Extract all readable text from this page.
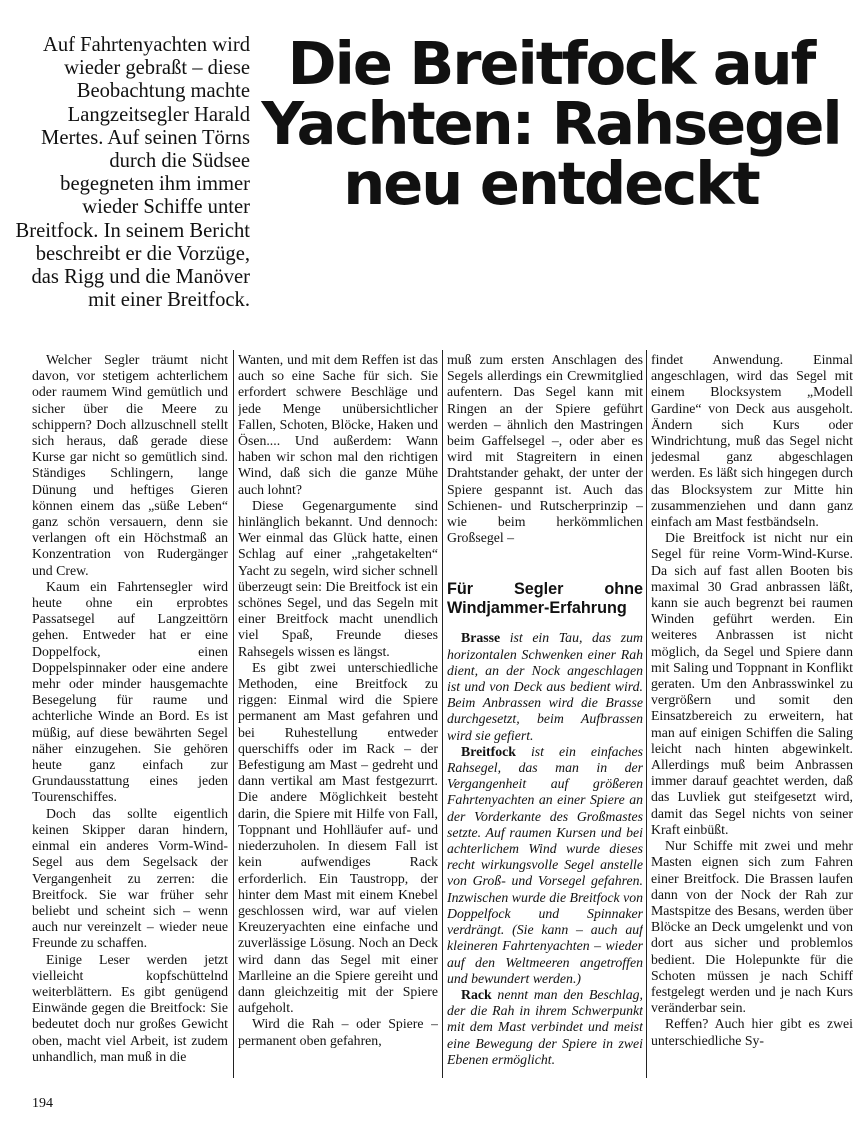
Auf Fahrtenyachten wird wieder gebraßt – diese Beobachtung machte Langzeitsegler Harald Mertes. Auf seinen Törns durch die Südsee begegneten ihm immer wieder Schiffe unter Breitfock. In seinem Bericht beschreibt er die Vorzüge, das Rigg und die Manöver mit einer Breitfock.
Die Breitfock auf Yachten: Rahsegel neu entdeckt

Welcher Segler träumt nicht davon, vor stetigem achterlichem oder raumem Wind gemütlich und sicher über die Meere zu schippern? Doch allzuschnell stellt sich heraus, daß gerade diese Kurse gar nicht so gemütlich sind. Ständiges Schlingern, lange Dünung und heftiges Gieren können einem das „süße Leben“ ganz schön versauern, denn sie verlangen oft ein Höchstmaß an Konzentration von Rudergänger und Crew.

Kaum ein Fahrtensegler wird heute ohne ein erprobtes Passatsegel auf Langzeittörn gehen. Entweder hat er eine Doppelfock, einen Doppelspinnaker oder eine andere mehr oder minder hausgemachte Besegelung für raume und achterliche Winde an Bord. Es ist müßig, auf diese bewährten Segel näher einzugehen. Sie gehören heute ganz einfach zur Grundausstattung eines jeden Tourenschiffes.

Doch das sollte eigentlich keinen Skipper daran hindern, einmal ein anderes Vorm-Wind-Segel aus dem Segelsack der Vergangenheit zu zerren: die Breitfock. Sie war früher sehr beliebt und scheint sich – wenn auch nur vereinzelt – wieder neue Freunde zu schaffen.

Einige Leser werden jetzt vielleicht kopfschüttelnd weiterblättern. Es gibt genügend Einwände gegen die Breitfock: Sie bedeutet doch nur großes Gewicht oben, macht viel Arbeit, ist zudem unhandlich, man muß in die

Wanten, und mit dem Reffen ist das auch so eine Sache für sich. Sie erfordert schwere Beschläge und jede Menge unübersichtlicher Fallen, Schoten, Blöcke, Haken und Ösen.... Und außerdem: Wann haben wir schon mal den richtigen Wind, daß sich die ganze Mühe auch lohnt?

Diese Gegenargumente sind hinlänglich bekannt. Und dennoch: Wer einmal das Glück hatte, einen Schlag auf einer „rahgetakelten“ Yacht zu segeln, wird sicher schnell überzeugt sein: Die Breitfock ist ein schönes Segel, und das Segeln mit einer Breitfock macht unendlich viel Spaß, Freunde dieses Rahsegels wissen es längst.

Es gibt zwei unterschiedliche Methoden, eine Breitfock zu riggen: Einmal wird die Spiere permanent am Mast gefahren und bei Ruhestellung entweder querschiffs oder im Rack – der Befestigung am Mast – gedreht und dann vertikal am Mast festgezurrt. Die andere Möglichkeit besteht darin, die Spiere mit Hilfe von Fall, Toppnant und Hohlläufer auf- und niederzuholen. In diesem Fall ist kein aufwendiges Rack erforderlich. Ein Taustropp, der hinter dem Mast mit einem Knebel geschlossen wird, war auf vielen Kreuzeryachten eine einfache und zuverlässige Lösung. Noch an Deck wird dann das Segel mit einer Marlleine an die Spiere gereiht und dann gleichzeitig mit der Spiere aufgeholt.

Wird die Rah – oder Spiere – permanent oben gefahren,

muß zum ersten Anschlagen des Segels allerdings ein Crewmitglied aufentern. Das Segel kann mit Ringen an der Spiere geführt werden – ähnlich den Mastringen beim Gaffelsegel –, oder aber es wird mit Stagreitern in einen Drahtstander gehakt, der unter der Spiere gespannt ist. Auch das Schienen- und Rutscherprinzip – wie beim herkömmlichen Großsegel –

Für Segler ohne Windjammer-Erfahrung

Brasse ist ein Tau, das zum horizontalen Schwenken einer Rah dient, an der Nock angeschlagen ist und von Deck aus bedient wird. Beim Anbrassen wird die Brasse durchgesetzt, beim Aufbrassen wird sie gefiert.

Breitfock ist ein einfaches Rahsegel, das man in der Vergangenheit auf größeren Fahrtenyachten an einer Spiere an der Vorderkante des Großmastes setzte. Auf raumen Kursen und bei achterlichem Wind wurde dieses recht wirkungsvolle Segel anstelle von Groß- und Vorsegel gefahren. Inzwischen wurde die Breitfock von Doppelfock und Spinnaker verdrängt. (Sie kann – auch auf kleineren Fahrtenyachten – wieder auf den Weltmeeren angetroffen und bewundert werden.)

Rack nennt man den Beschlag, der die Rah in ihrem Schwerpunkt mit dem Mast verbindet und meist eine Bewegung der Spiere in zwei Ebenen ermöglicht.

findet Anwendung. Einmal angeschlagen, wird das Segel mit einem Blocksystem „Modell Gardine“ von Deck aus ausgeholt. Ändern sich Kurs oder Windrichtung, muß das Segel nicht jedesmal ganz abgeschlagen werden. Es läßt sich hingegen durch das Blocksystem zur Mitte hin zusammenziehen und dann ganz einfach am Mast festbändseln.

Die Breitfock ist nicht nur ein Segel für reine Vorm-Wind-Kurse. Da sich auf fast allen Booten bis maximal 30 Grad anbrassen läßt, kann sie auch begrenzt bei raumen Winden geführt werden. Ein weiteres Anbrassen ist nicht möglich, da Segel und Spiere dann mit Saling und Toppnant in Konflikt geraten. Um den Anbrasswinkel zu vergrößern und somit den Einsatzbereich zu erweitern, hat man auf einigen Schiffen die Saling leicht nach hinten abgewinkelt. Allerdings muß beim Anbrassen immer darauf geachtet werden, daß das Luvliek gut steifgesetzt wird, damit das Segel nichts von seiner Kraft einbüßt.

Nur Schiffe mit zwei und mehr Masten eignen sich zum Fahren einer Breitfock. Die Brassen laufen dann von der Nock der Rah zur Mastspitze des Besans, werden über Blöcke an Deck umgelenkt und von dort aus sicher und problemlos bedient. Die Holepunkte für die Schoten müssen je nach Schiff festgelegt werden und je nach Kurs veränderbar sein.

Reffen? Auch hier gibt es zwei unterschiedliche Sy-

194
